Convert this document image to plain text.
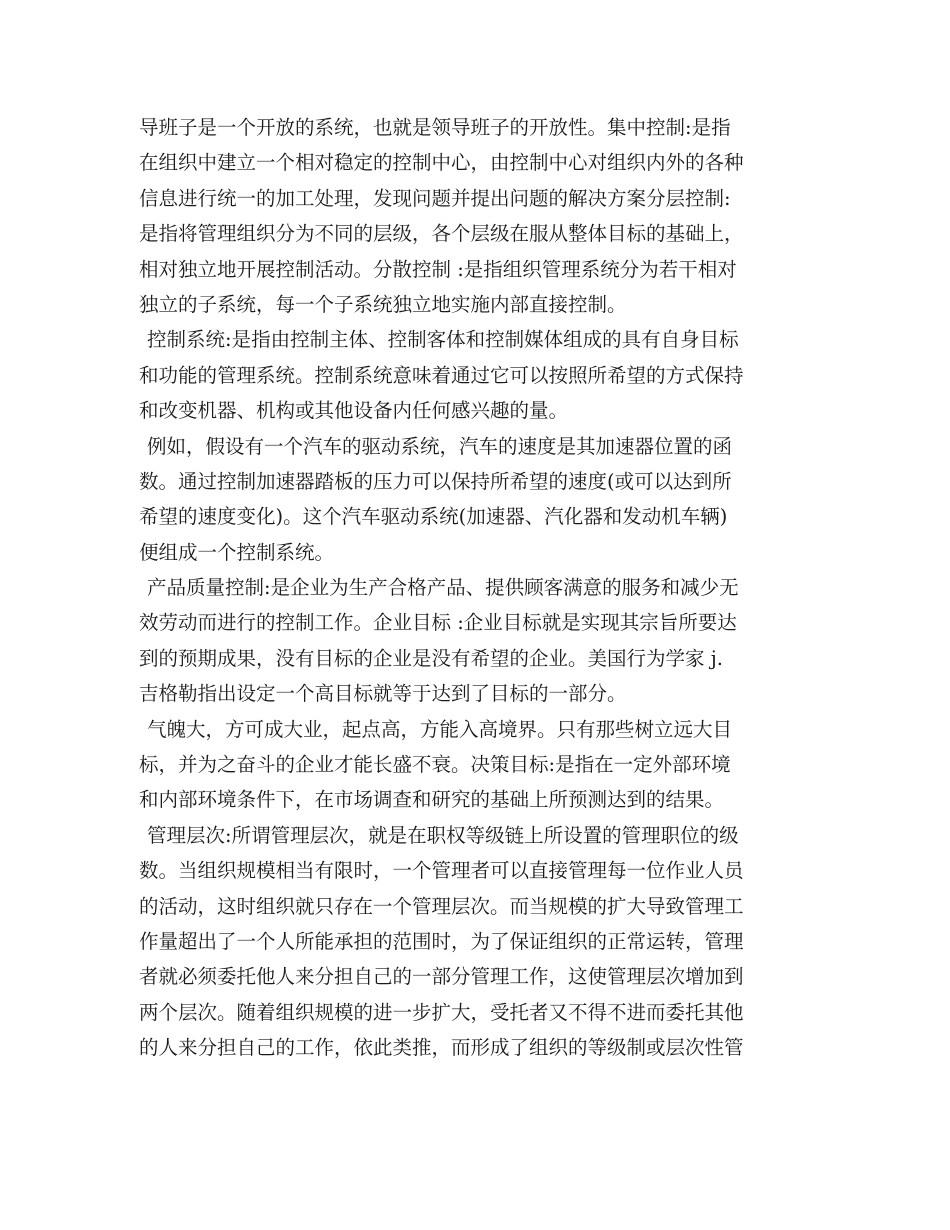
导班子是一个开放的系统，也就是领导班子的开放性。集中控制:是指
在组织中建立一个相对稳定的控制中心，由控制中心对组织内外的各种
信息进行统一的加工处理，发现问题并提出问题的解决方案分层控制:
是指将管理组织分为不同的层级，各个层级在服从整体目标的基础上，
相对独立地开展控制活动。分散控制 :是指组织管理系统分为若干相对
独立的子系统，每一个子系统独立地实施内部直接控制。
控制系统:是指由控制主体、控制客体和控制媒体组成的具有自身目标
和功能的管理系统。控制系统意味着通过它可以按照所希望的方式保持
和改变机器、机构或其他设备内任何感兴趣的量。
例如，假设有一个汽车的驱动系统，汽车的速度是其加速器位置的函
数。通过控制加速器踏板的压力可以保持所希望的速度(或可以达到所
希望的速度变化)。这个汽车驱动系统(加速器、汽化器和发动机车辆)
便组成一个控制系统。
产品质量控制:是企业为生产合格产品、提供顾客满意的服务和减少无
效劳动而进行的控制工作。企业目标 :企业目标就是实现其宗旨所要达
到的预期成果，没有目标的企业是没有希望的企业。美国行为学家 j.
吉格勒指出设定一个高目标就等于达到了目标的一部分。
气魄大，方可成大业，起点高，方能入高境界。只有那些树立远大目
标，并为之奋斗的企业才能长盛不衰。决策目标:是指在一定外部环境
和内部环境条件下，在市场调查和研究的基础上所预测达到的结果。
管理层次:所谓管理层次，就是在职权等级链上所设置的管理职位的级
数。当组织规模相当有限时，一个管理者可以直接管理每一位作业人员
的活动，这时组织就只存在一个管理层次。而当规模的扩大导致管理工
作量超出了一个人所能承担的范围时，为了保证组织的正常运转，管理
者就必须委托他人来分担自己的一部分管理工作，这使管理层次增加到
两个层次。随着组织规模的进一步扩大，受托者又不得不进而委托其他
的人来分担自己的工作，依此类推，而形成了组织的等级制或层次性管
